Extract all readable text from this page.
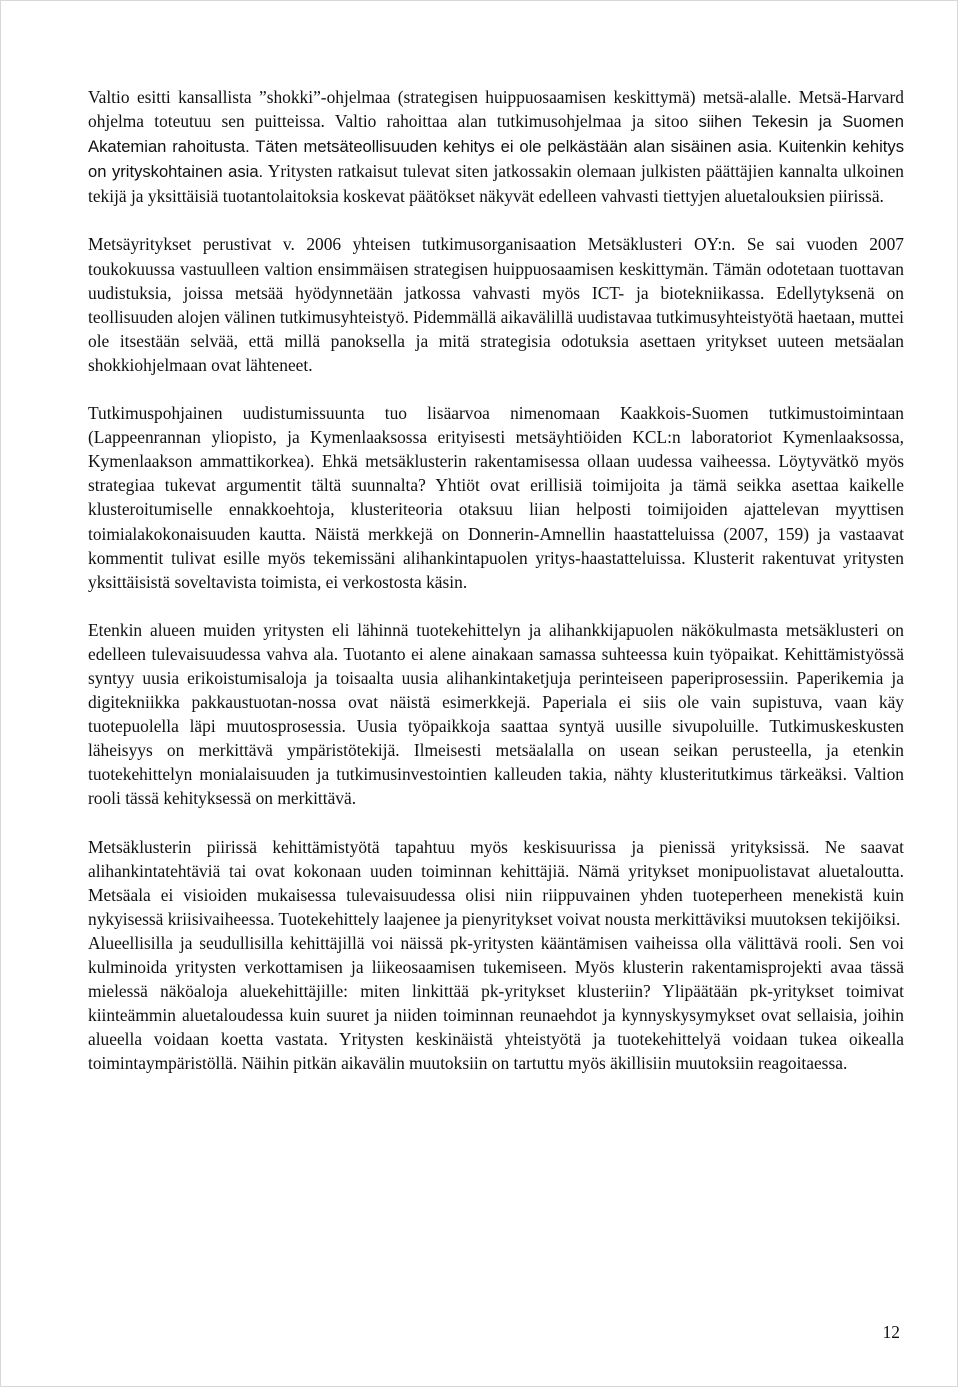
Valtio esitti kansallista ”shokki”-ohjelmaa (strategisen huippuosaamisen keskittymä) metsä-alalle. Metsä-Harvard ohjelma toteutuu sen puitteissa. Valtio rahoittaa alan tutkimusohjelmaa ja sitoo siihen Tekesin ja Suomen Akatemian rahoitusta. Täten metsäteollisuuden kehitys ei ole pelkästään alan sisäinen asia. Kuitenkin kehitys on yrityskohtainen asia. Yritysten ratkaisut tulevat siten jatkossakin olemaan julkisten päättäjien kannalta ulkoinen tekijä ja yksittäisiä tuotantolaitoksia koskevat päätökset näkyvät edelleen vahvasti tiettyjen aluetalouksien piirissä.

Metsäyritykset perustivat v. 2006 yhteisen tutkimusorganisaation Metsäklusteri OY:n. Se sai vuoden 2007 toukokuussa vastuulleen valtion ensimmäisen strategisen huippuosaamisen keskittymän. Tämän odotetaan tuottavan uudistuksia, joissa metsää hyödynnetään jatkossa vahvasti myös ICT- ja biotekniikassa. Edellytyksenä on teollisuuden alojen välinen tutkimusyhteistyö. Pidemmällä aikavälillä uudistavaa tutkimusyhteistyötä haetaan, muttei ole itsestään selvää, että millä panoksella ja mitä strategisia odotuksia asettaen yritykset uuteen metsäalan shokkiohjelmaan ovat lähteneet.

Tutkimuspohjainen uudistumissuunta tuo lisäarvoa nimenomaan Kaakkois-Suomen tutkimustoimintaan (Lappeenrannan yliopisto, ja Kymenlaaksossa erityisesti metsäyhtiöiden KCL:n laboratoriot Kymenlaaksossa, Kymenlaakson ammattikorkea). Ehkä metsäklusterin rakentamisessa ollaan uudessa vaiheessa. Löytyvätkö myös strategiaa tukevat argumentit tältä suunnalta? Yhtiöt ovat erillisiä toimijoita ja tämä seikka asettaa kaikelle klusteroitumiselle ennakkoehtoja, klusteriteoria otaksuu liian helposti toimijoiden ajattelevan myyttisen toimialakokonaisuuden kautta. Näistä merkkejä on Donnerin-Amnellin haastatteluissa (2007, 159) ja vastaavat kommentit tulivat esille myös tekemissäni alihankintapuolen yritys-haastatteluissa. Klusterit rakentuvat yritysten yksittäisistä soveltavista toimista, ei verkostosta käsin.

Etenkin alueen muiden yritysten eli lähinnä tuotekehittelyn ja alihankkijapuolen näkökulmasta metsäklusteri on edelleen tulevaisuudessa vahva ala. Tuotanto ei alene ainakaan samassa suhteessa kuin työpaikat. Kehittämistyössä syntyy uusia erikoistumisaloja ja toisaalta uusia alihankintaketjuja perinteiseen paperiprosessiin. Paperikemia ja digitekniikka pakkaustuotan-nossa ovat näistä esimerkkejä. Paperiala ei siis ole vain supistuva, vaan käy tuotepuolella läpi muutosprosessia. Uusia työpaikkoja saattaa syntyä uusille sivupoluille. Tutkimuskeskusten läheisyys on merkittävä ympäristötekijä. Ilmeisesti metsäalalla on usean seikan perusteella, ja etenkin tuotekehittelyn monialaisuuden ja tutkimusinvestointien kalleuden takia, nähty klusteritutkimus tärkeäksi. Valtion rooli tässä kehityksessä on merkittävä.

Metsäklusterin piirissä kehittämistyötä tapahtuu myös keskisuurissa ja pienissä yrityksissä. Ne saavat alihankintatehtäviä tai ovat kokonaan uuden toiminnan kehittäjiä. Nämä yritykset monipuolistavat aluetaloutta. Metsäala ei visioiden mukaisessa tulevaisuudessa olisi niin riippuvainen yhden tuoteperheen menekistä kuin nykyisessä kriisivaiheessa. Tuotekehittely laajenee ja pienyritykset voivat nousta merkittäviksi muutoksen tekijöiksi.

Alueellisilla ja seudullisilla kehittäjillä voi näissä pk-yritysten kääntämisen vaiheissa olla välittävä rooli. Sen voi kulminoida yritysten verkottamisen ja liikeosaamisen tukemiseen. Myös klusterin rakentamisprojekti avaa tässä mielessä näköaloja aluekehittäjille: miten linkittää pk-yritykset klusteriin? Ylipäätään pk-yritykset toimivat kiinteämmin aluetaloudessa kuin suuret ja niiden toiminnan reunaehdot ja kynnyskysymykset ovat sellaisia, joihin alueella voidaan koetta vastata. Yritysten keskinäistä yhteistyötä ja tuotekehittelyä voidaan tukea oikealla toimintaympäristöllä. Näihin pitkän aikavälin muutoksiin on tartuttu myös äkillisiin muutoksiin reagoitaessa.

12
